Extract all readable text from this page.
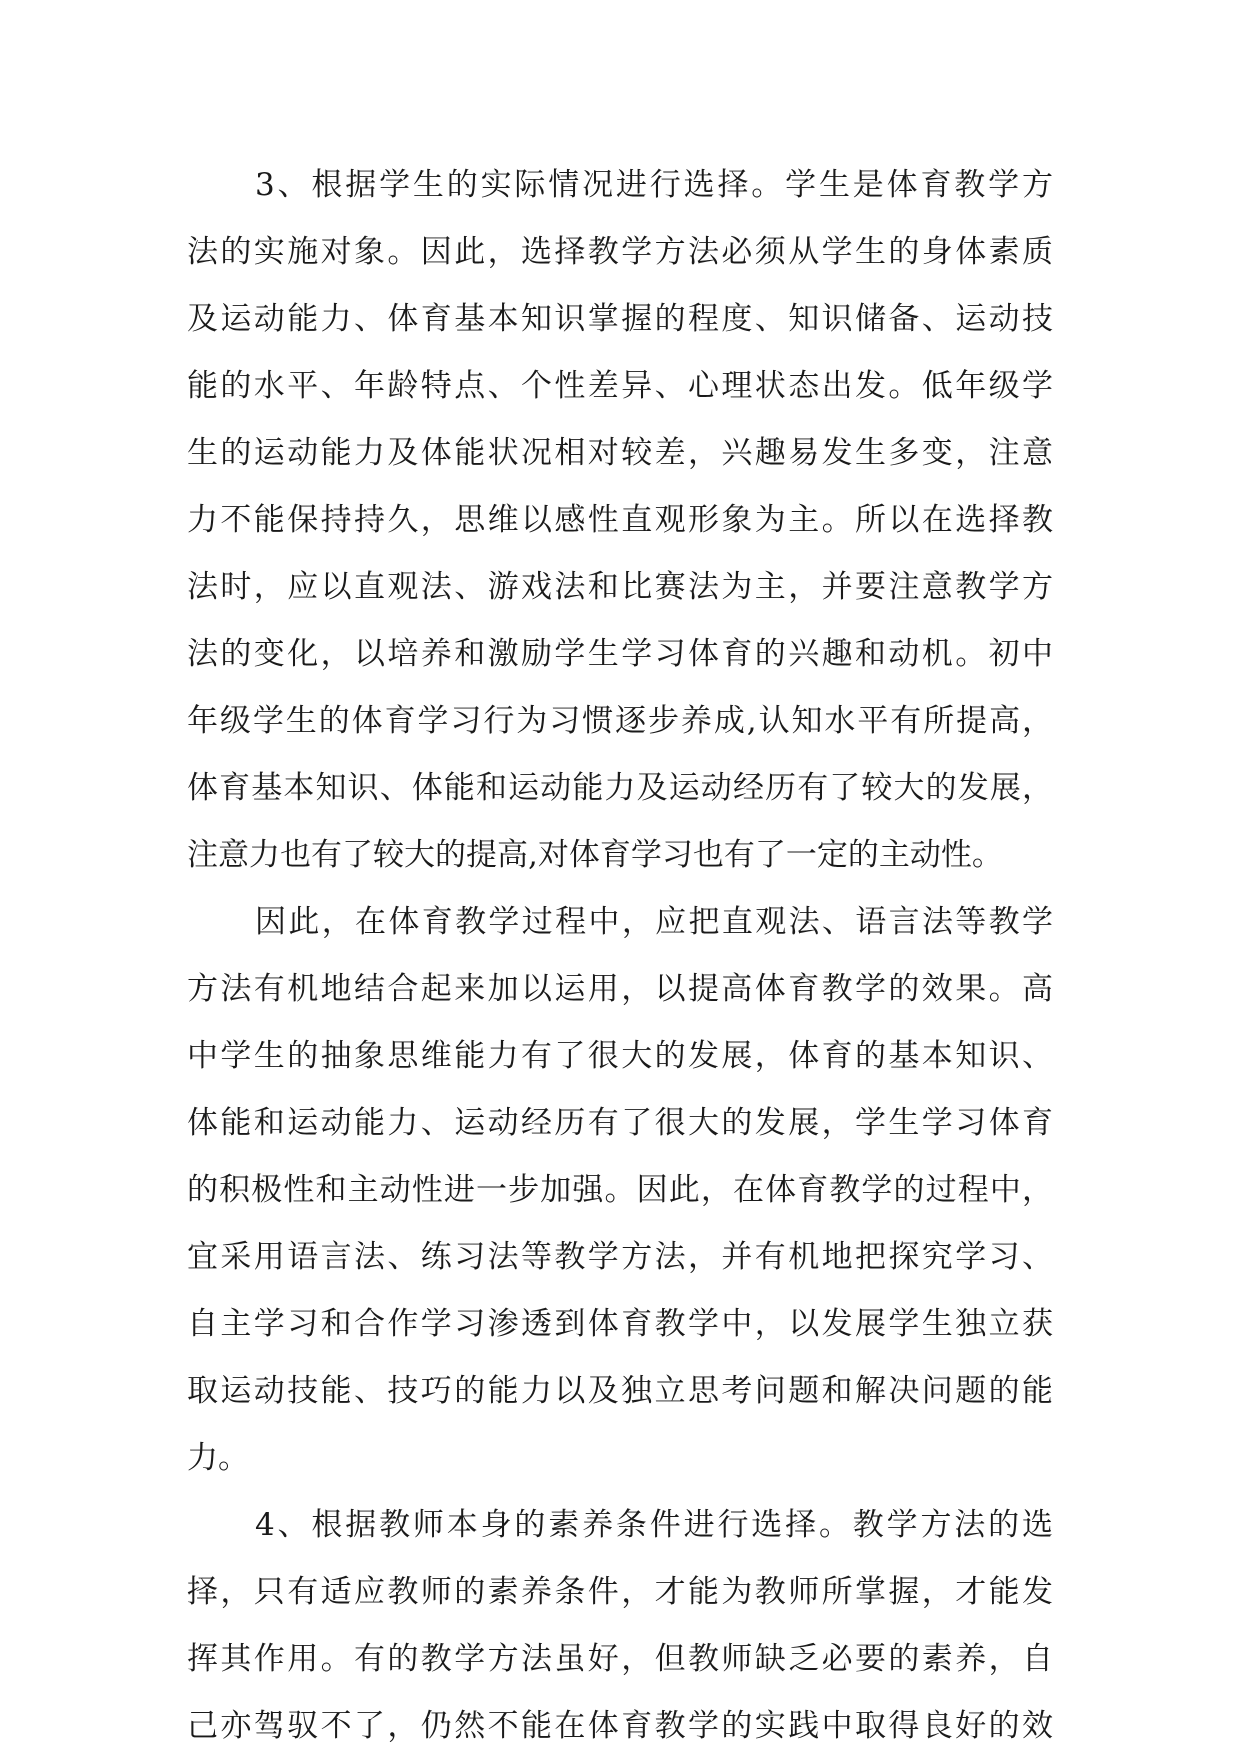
3、根据学生的实际情况进行选择。学生是体育教学方
法的实施对象。因此，选择教学方法必须从学生的身体素质
及运动能力、体育基本知识掌握的程度、知识储备、运动技
能的水平、年龄特点、个性差异、心理状态出发。低年级学
生的运动能力及体能状况相对较差，兴趣易发生多变，注意
力不能保持持久，思维以感性直观形象为主。所以在选择教
法时，应以直观法、游戏法和比赛法为主，并要注意教学方
法的变化，以培养和激励学生学习体育的兴趣和动机。初中
年级学生的体育学习行为习惯逐步养成,认知水平有所提高，
体育基本知识、体能和运动能力及运动经历有了较大的发展，
注意力也有了较大的提高,对体育学习也有了一定的主动性。
因此，在体育教学过程中，应把直观法、语言法等教学
方法有机地结合起来加以运用，以提高体育教学的效果。高
中学生的抽象思维能力有了很大的发展，体育的基本知识、
体能和运动能力、运动经历有了很大的发展，学生学习体育
的积极性和主动性进一步加强。因此，在体育教学的过程中，
宜采用语言法、练习法等教学方法，并有机地把探究学习、
自主学习和合作学习渗透到体育教学中，以发展学生独立获
取运动技能、技巧的能力以及独立思考问题和解决问题的能
力。
4、根据教师本身的素养条件进行选择。教学方法的选
择，只有适应教师的素养条件，才能为教师所掌握，才能发
挥其作用。有的教学方法虽好，但教师缺乏必要的素养，自
己亦驾驭不了，仍然不能在体育教学的实践中取得良好的效
